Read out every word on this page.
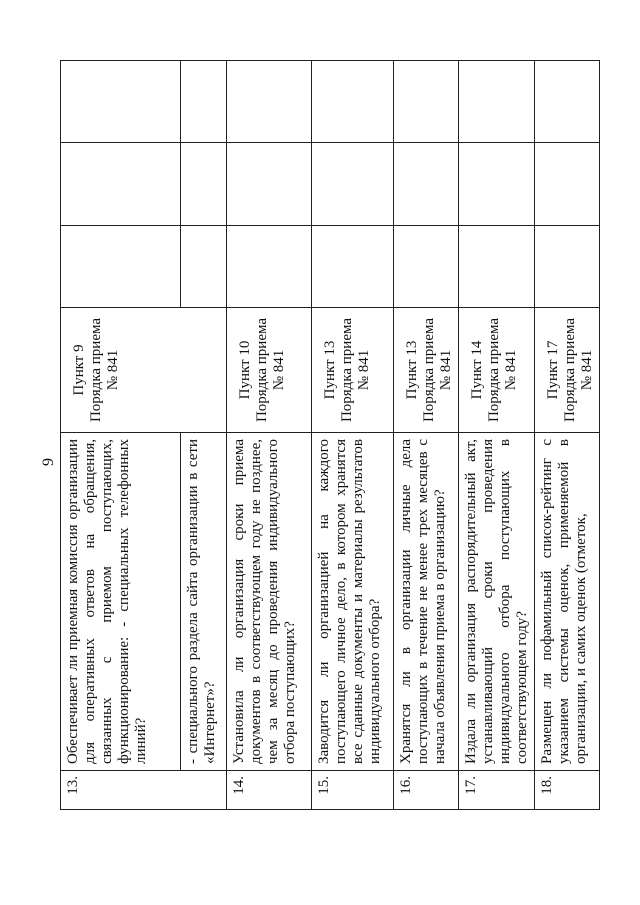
9
13.	Обеспечивает ли приемная комиссия организации для оперативных ответов на обращения, связанных с приемом поступающих, функционирование: - специальных телефонных линий?	Пункт 9 Порядка приема № 841			

	- специального раздела сайта организации в сети «Интернет»?				
14.	Установила ли организация сроки приема документов в соответствующем году не позднее, чем за месяц до проведения индивидуального отбора поступающих?	Пункт 10 Порядка приема № 841			

15.	Заводится ли организацией на каждого поступающего личное дело, в котором хранятся все сданные документы и материалы результатов индивидуального отбора?	Пункт 13 Порядка приема № 841			

16.	Хранятся ли в организации личные дела поступающих в течение не менее трех месяцев с начала объявления приема в организацию?	Пункт 13 Порядка приема № 841			

17.	Издала ли организация распорядительный акт, устанавливающий сроки проведения индивидуального отбора поступающих в соответствующем году?	Пункт 14 Порядка приема № 841			

18.	Размещен ли пофамильный список-рейтинг с указанием системы оценок, применяемой в организации, и самих оценок (отметок,	Пункт 17 Порядка приема № 841			
